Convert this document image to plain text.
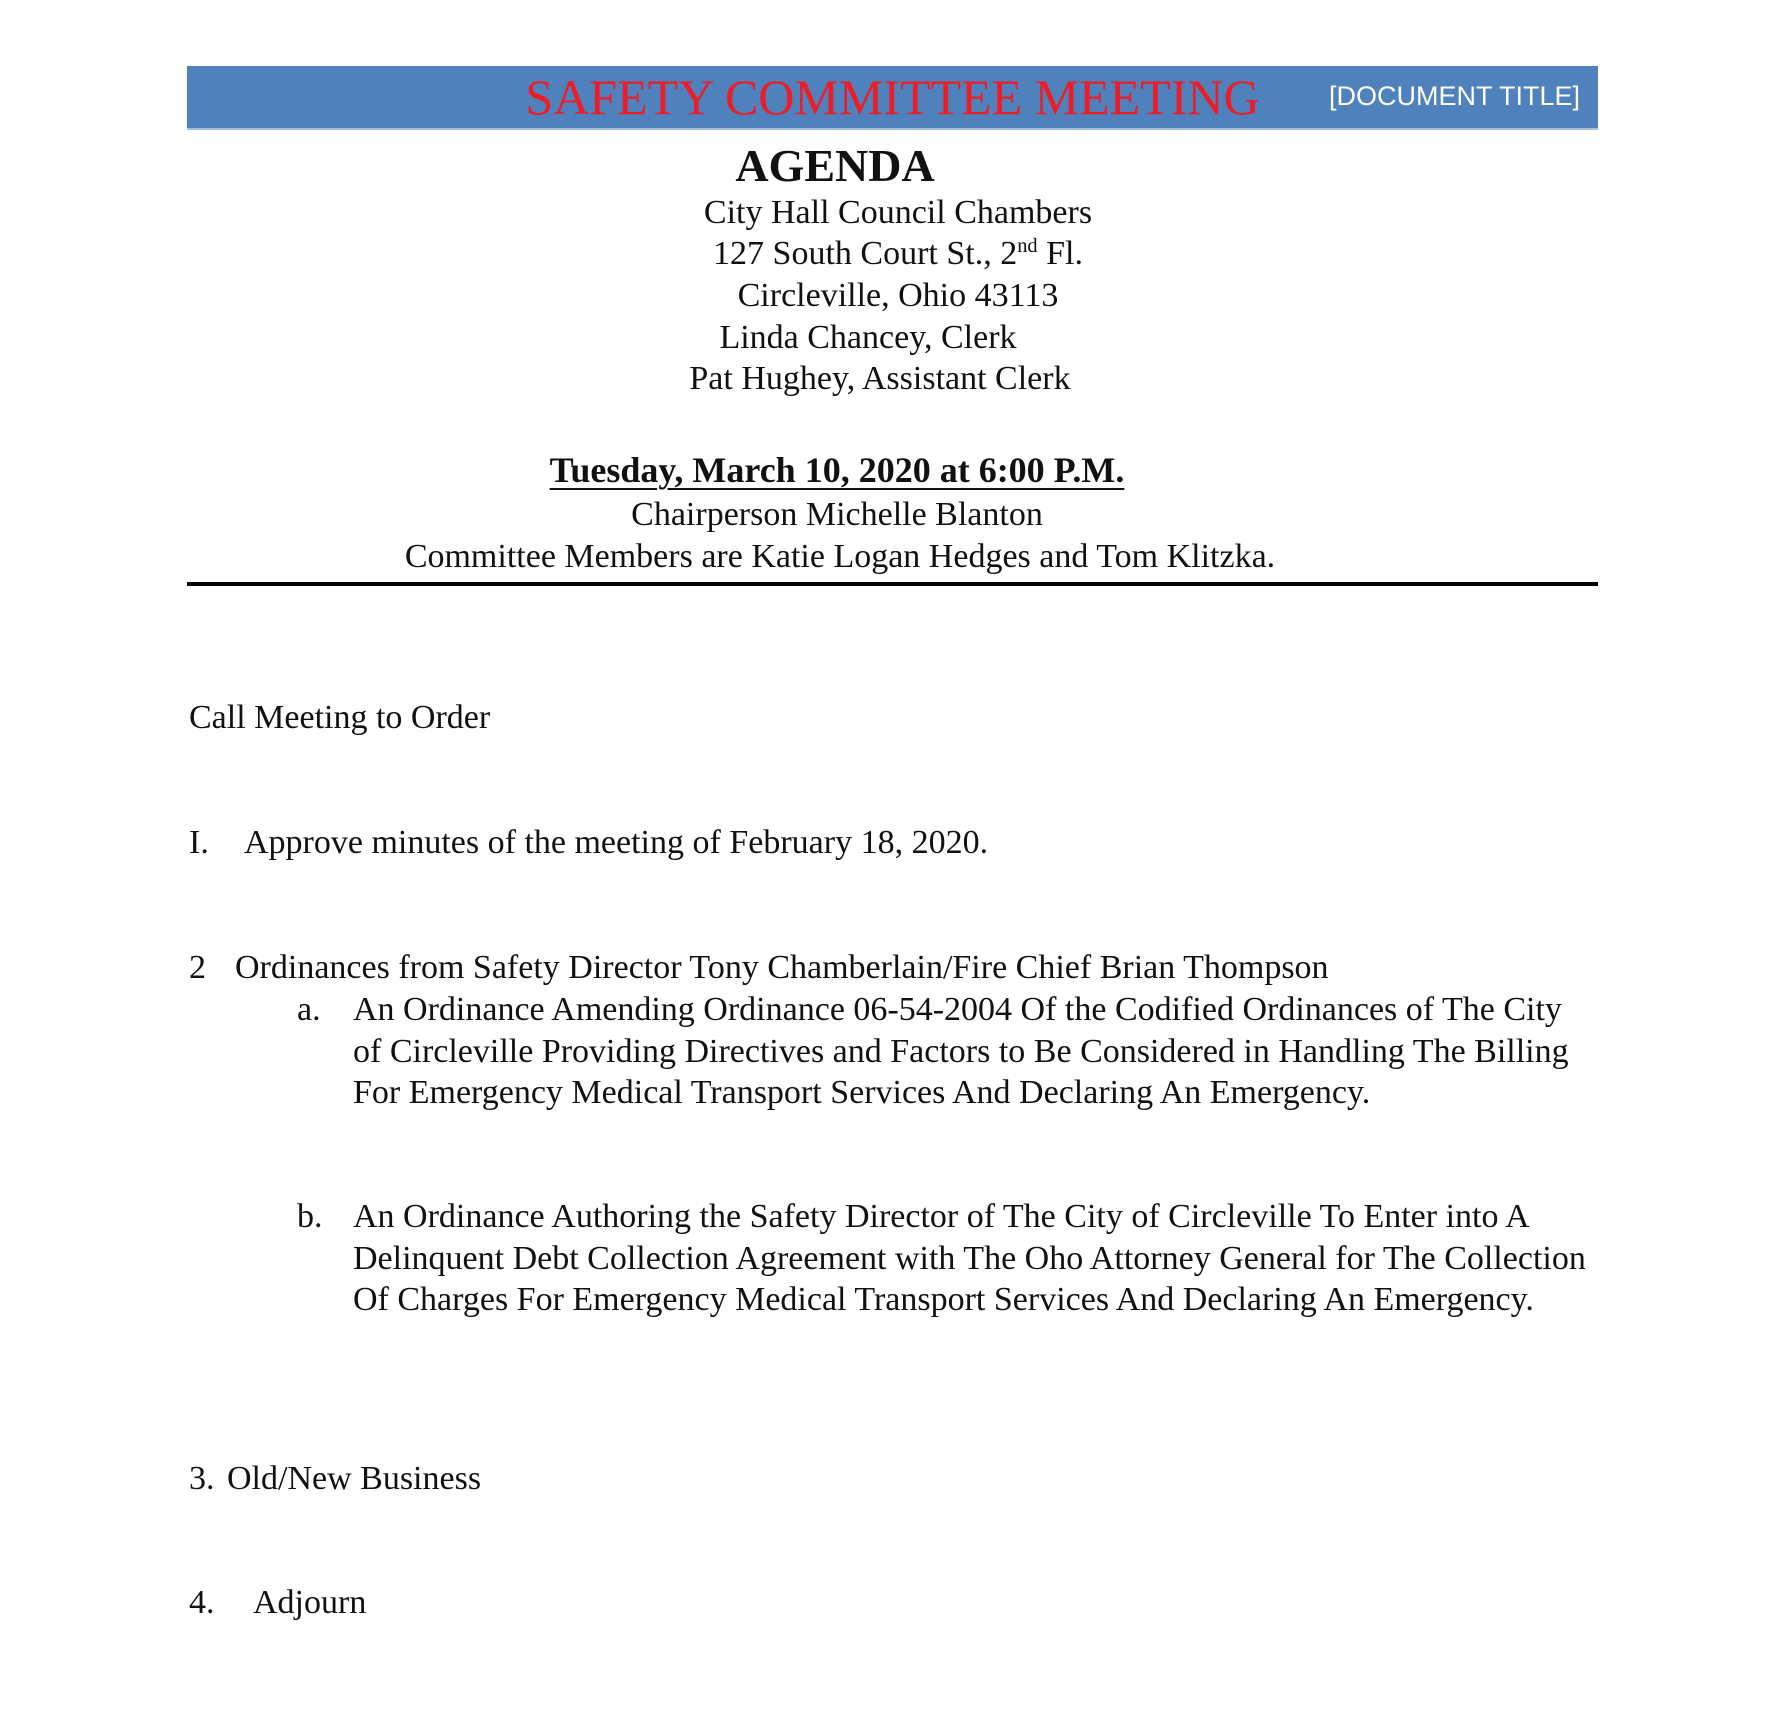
SAFETY COMMITTEE MEETING	[DOCUMENT TITLE]
AGENDA
City Hall Council Chambers
127 South Court St., 2nd Fl.
Circleville, Ohio 43113
Linda Chancey, Clerk
Pat Hughey, Assistant Clerk
Tuesday, March 10, 2020 at 6:00 P.M.
Chairperson Michelle Blanton
Committee Members are Katie Logan Hedges and Tom Klitzka.
Call Meeting to Order
I. Approve minutes of the meeting of February 18, 2020.
2 Ordinances from Safety Director Tony Chamberlain/Fire Chief Brian Thompson
a. An Ordinance Amending Ordinance 06-54-2004 Of the Codified Ordinances of The City of Circleville Providing Directives and Factors to Be Considered in Handling The Billing For Emergency Medical Transport Services And Declaring An Emergency.
b. An Ordinance Authoring the Safety Director of The City of Circleville To Enter into A Delinquent Debt Collection Agreement with The Oho Attorney General for The Collection Of Charges For Emergency Medical Transport Services And Declaring An Emergency.
3. Old/New Business
4. Adjourn
